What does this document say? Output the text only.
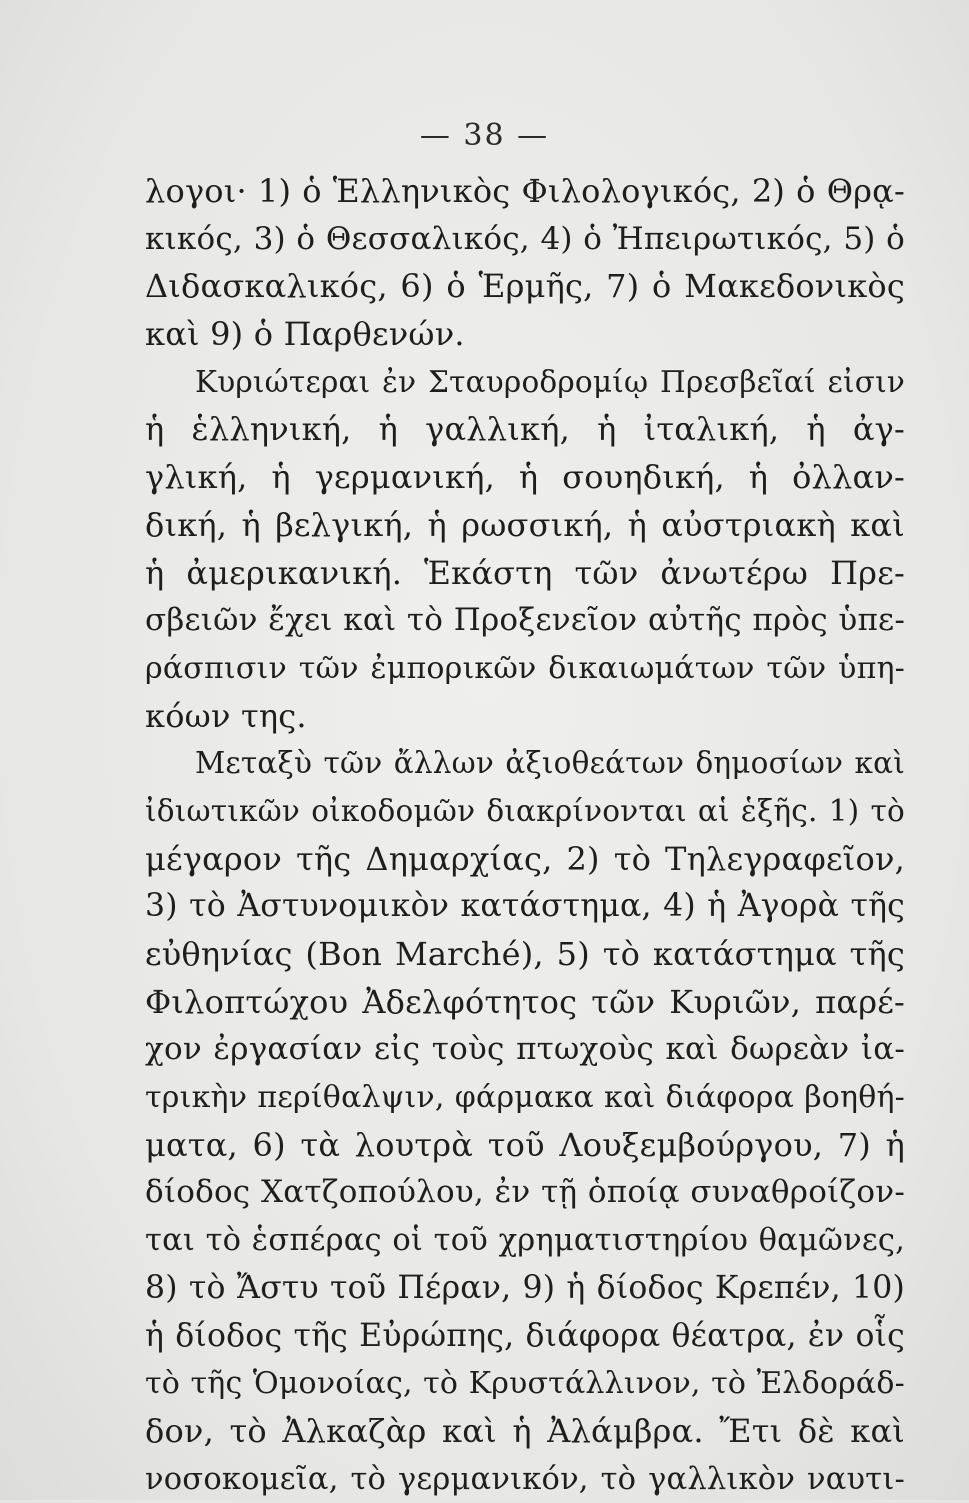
— 38 —
λογοι· 1) ὁ Ἑλληνικὸς Φιλολογικός, 2) ὁ Θρᾳ-
κικός, 3) ὁ Θεσσαλικός, 4) ὁ Ἠπειρωτικός, 5) ὁ
Διδασκαλικός, 6) ὁ Ἑρμῆς, 7) ὁ Μακεδονικὸς
καὶ 9) ὁ Παρθενών.
Κυριώτεραι ἐν Σταυροδρομίῳ Πρεσβεῖαί εἰσιν
ἡ ἑλληνική, ἡ γαλλική, ἡ ἰταλική, ἡ ἀγ-
γλική, ἡ γερμανική, ἡ σουηδική, ἡ ὀλλαν-
δική, ἡ βελγική, ἡ ρωσσική, ἡ αὐστριακὴ καὶ
ἡ ἀμερικανική. Ἑκάστη τῶν ἀνωτέρω Πρε-
σβειῶν ἔχει καὶ τὸ Προξενεῖον αὐτῆς πρὸς ὑπε-
ράσπισιν τῶν ἐμπορικῶν δικαιωμάτων τῶν ὑπη-
κόων της.
Μεταξὺ τῶν ἄλλων ἀξιοθεάτων δημοσίων καὶ
ἰδιωτικῶν οἰκοδομῶν διακρίνονται αἱ ἑξῆς. 1) τὸ
μέγαρον τῆς Δημαρχίας, 2) τὸ Τηλεγραφεῖον,
3) τὸ Ἀστυνομικὸν κατάστημα, 4) ἡ Ἀγορὰ τῆς
εὐθηνίας (Bon Marché), 5) τὸ κατάστημα τῆς
Φιλοπτώχου Ἀδελφότητος τῶν Κυριῶν, παρέ-
χον ἐργασίαν εἰς τοὺς πτωχοὺς καὶ δωρεὰν ἰα-
τρικὴν περίθαλψιν, φάρμακα καὶ διάφορα βοηθή-
ματα, 6) τὰ λουτρὰ τοῦ Λουξεμβούργου, 7) ἡ
δίοδος Χατζοπούλου, ἐν τῇ ὁποίᾳ συναθροίζον-
ται τὸ ἑσπέρας οἱ τοῦ χρηματιστηρίου θαμῶνες,
8) τὸ Ἄστυ τοῦ Πέραν, 9) ἡ δίοδος Κρεπέν, 10)
ἡ δίοδος τῆς Εὐρώπης, διάφορα θέατρα, ἐν οἷς
τὸ τῆς Ὁμονοίας, τὸ Κρυστάλλινον, τὸ Ἐλδοράδ-
δον, τὸ Ἀλκαζὰρ καὶ ἡ Ἀλάμβρα. Ἔτι δὲ καὶ
νοσοκομεῖα, τὸ γερμανικόν, τὸ γαλλικὸν ναυτι-
